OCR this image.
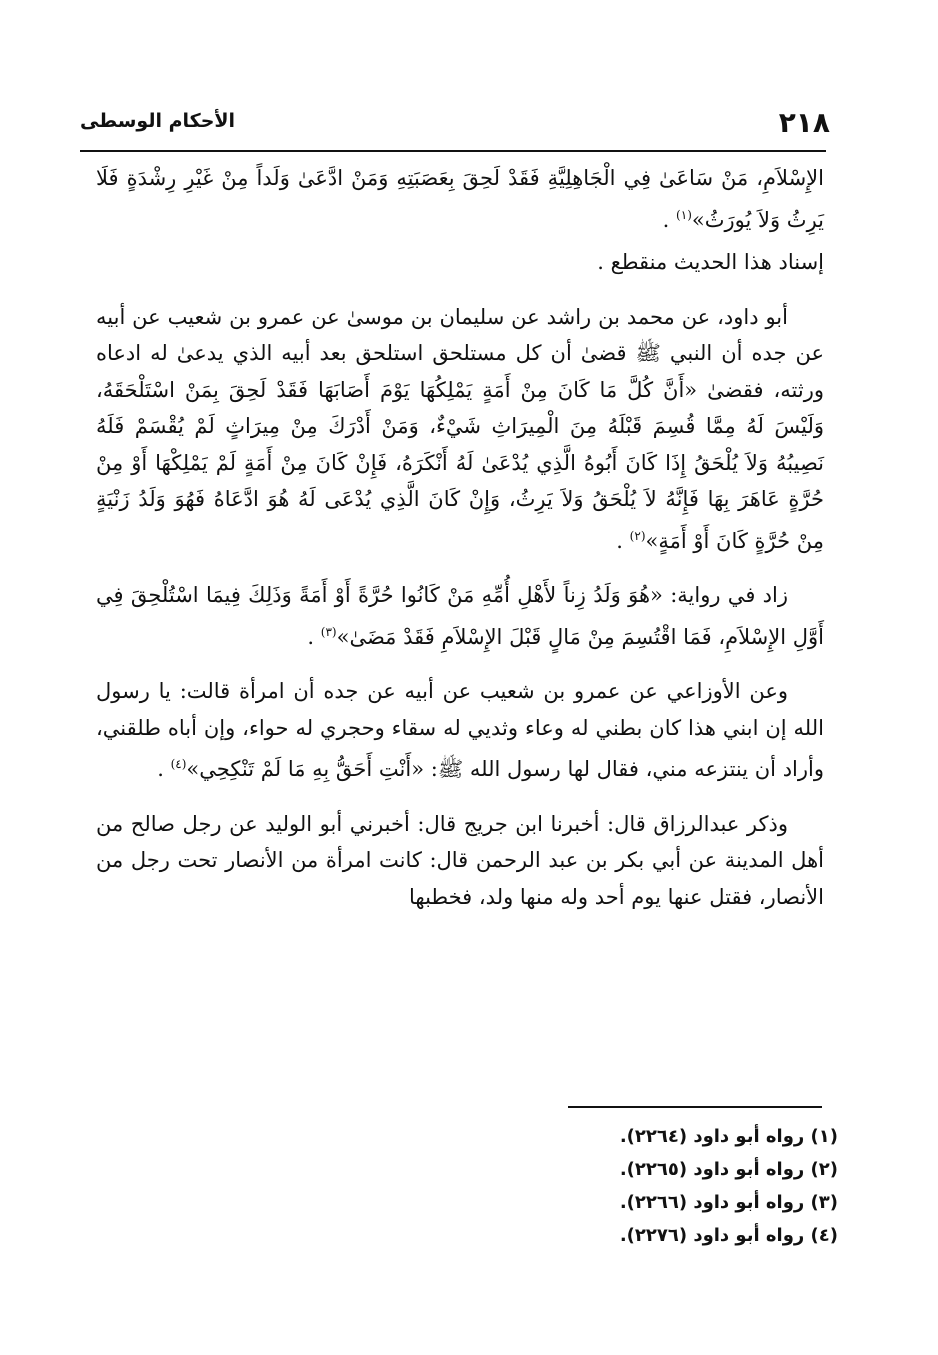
٢١٨
الأحكام الوسطى

الإِسْلاَمِ، مَنْ سَاعَىٰ فِي الْجَاهِلِيَّةِ فَقَدْ لَحِقَ بِعَصَبَتِهِ وَمَنْ ادَّعَىٰ وَلَداً مِنْ غَيْرِ رِشْدَةٍ فَلَا يَرِثُ وَلاَ يُورَثُ»$^{(١)}$ .

إسناد هذا الحديث منقطع .

أبو داود، عن محمد بن راشد عن سليمان بن موسىٰ عن عمرو بن شعيب عن أبيه عن جده أن النبي ﷺ قضىٰ أن كل مستلحق استلحق بعد أبيه الذي يدعىٰ له ادعاه ورثته، فقضىٰ «أَنَّ كُلَّ مَا كَانَ مِنْ أَمَةٍ يَمْلِكُهَا يَوْمَ أَصَابَهَا فَقَدْ لَحِقَ بِمَنْ اسْتَلْحَقَهُ، وَلَيْسَ لَهُ مِمَّا قُسِمَ قَبْلَهُ مِنَ الْمِيرَاثِ شَيْءٌ، وَمَنْ أَدْرَكَ مِنْ مِيرَاثٍ لَمْ يُقْسَمْ فَلَهُ نَصِيبُهُ وَلاَ يُلْحَقُ إِذَا كَانَ أَبُوهُ الَّذِي يُدْعَىٰ لَهُ أَنْكَرَهُ، فَإِنْ كَانَ مِنْ أَمَةٍ لَمْ يَمْلِكْهَا أَوْ مِنْ حُرَّةٍ عَاهَرَ بِهَا فَإِنَّهُ لاَ يُلْحَقُ وَلاَ يَرِثُ، وَإِنْ كَانَ الَّذِي يُدْعَى لَهُ هُوَ ادَّعَاهُ فَهُوَ وَلَدُ زَنْيَةٍ مِنْ حُرَّةٍ كَانَ أَوْ أَمَةٍ»$^{(٢)}$ .

زاد في رواية: «هُوَ وَلَدُ زِناً لأَهْلِ أُمِّهِ مَنْ كَانُوا حُرَّةً أَوْ أَمَةً وَذَلِكَ فِيمَا اسْتُلْحِقَ فِي أَوَّلِ الإِسْلاَمِ، فَمَا اقْتُسِمَ مِنْ مَالٍ قَبْلَ الإِسْلاَمِ فَقَدْ مَضَىٰ»$^{(٣)}$ .

وعن الأوزاعي عن عمرو بن شعيب عن أبيه عن جده أن امرأة قالت: يا رسول الله إن ابني هذا كان بطني له وعاء وثديي له سقاء وحجري له حواء، وإن أباه طلقني، وأراد أن ينتزعه مني، فقال لها رسول الله ﷺ: «أَنْتِ أَحَقُّ بِهِ مَا لَمْ تَنْكِحِي»$^{(٤)}$ .

وذكر عبدالرزاق قال: أخبرنا ابن جريج قال: أخبرني أبو الوليد عن رجل صالح من أهل المدينة عن أبي بكر بن عبد الرحمن قال: كانت امرأة من الأنصار تحت رجل من الأنصار، فقتل عنها يوم أحد وله منها ولد، فخطبها

(١) رواه أبو داود (٢٢٦٤).
(٢) رواه أبو داود (٢٢٦٥).
(٣) رواه أبو داود (٢٢٦٦).
(٤) رواه أبو داود (٢٢٧٦).
